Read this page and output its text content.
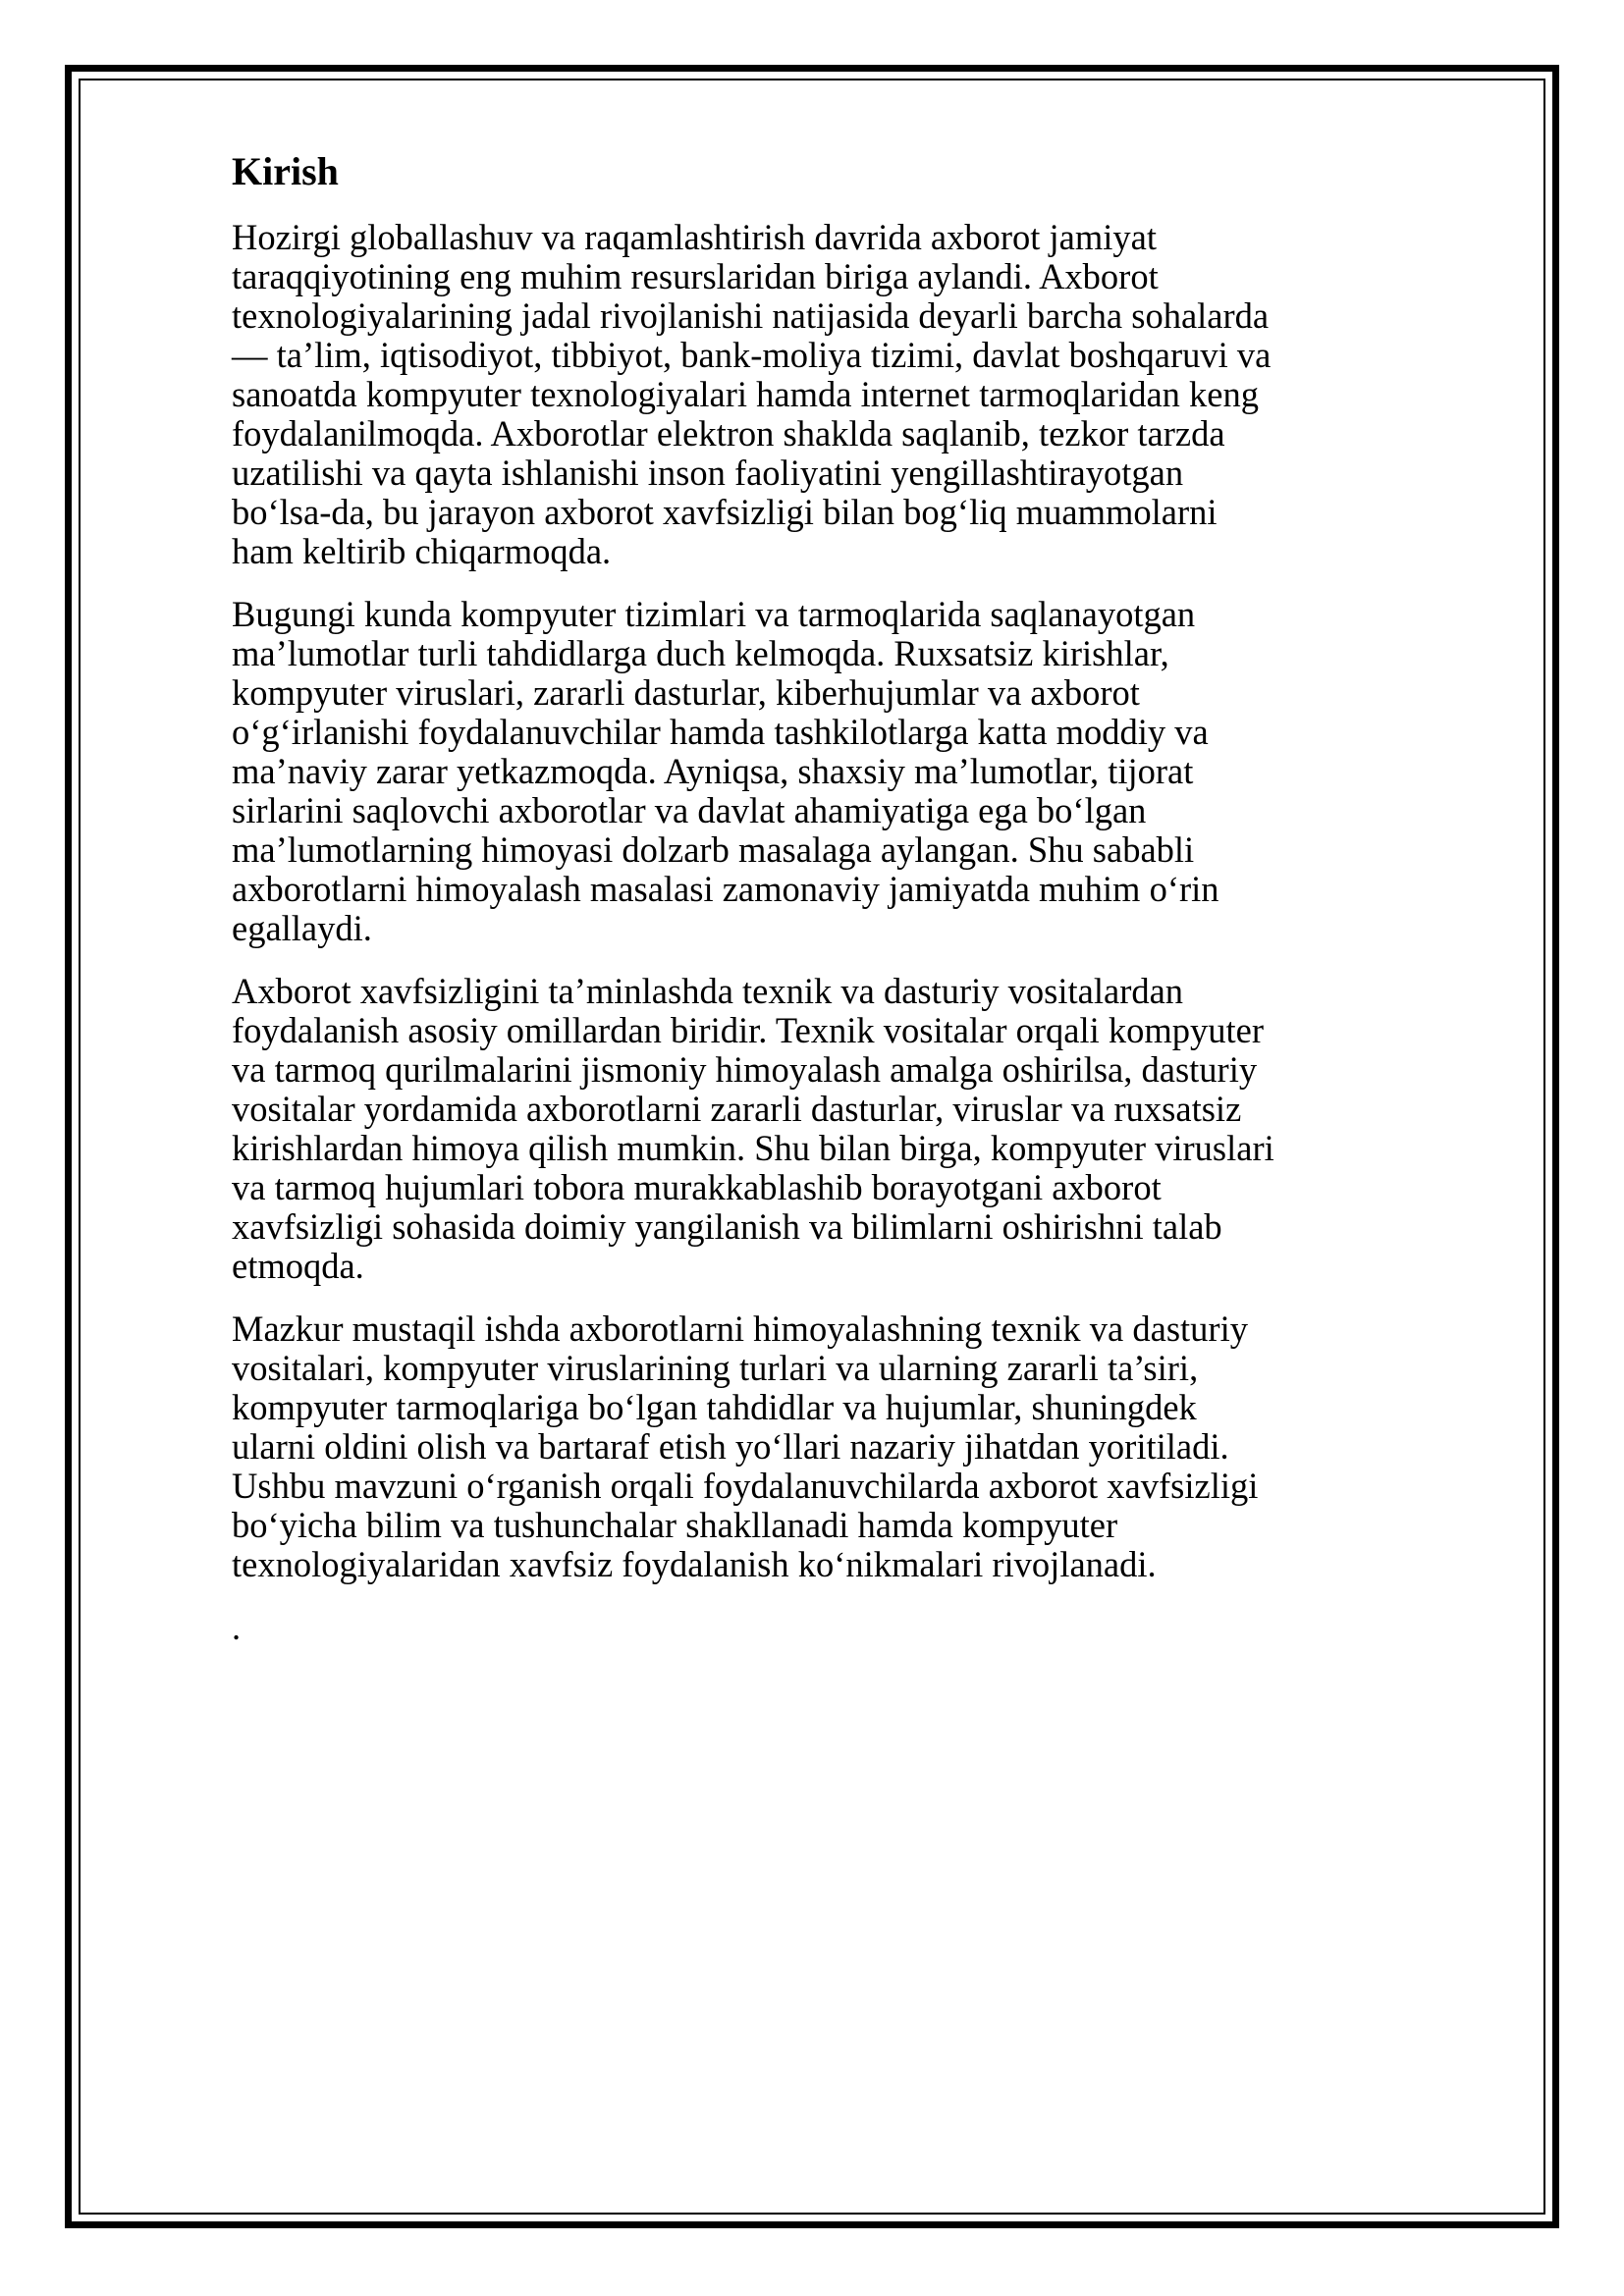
Kirish
Hozirgi globallashuv va raqamlashtirish davrida axborot jamiyat
taraqqiyotining eng muhim resurslaridan biriga aylandi. Axborot
texnologiyalarining jadal rivojlanishi natijasida deyarli barcha sohalarda
— ta’lim, iqtisodiyot, tibbiyot, bank-moliya tizimi, davlat boshqaruvi va
sanoatda kompyuter texnologiyalari hamda internet tarmoqlaridan keng
foydalanilmoqda. Axborotlar elektron shaklda saqlanib, tezkor tarzda
uzatilishi va qayta ishlanishi inson faoliyatini yengillashtirayotgan
bo‘lsa-da, bu jarayon axborot xavfsizligi bilan bog‘liq muammolarni
ham keltirib chiqarmoqda.
Bugungi kunda kompyuter tizimlari va tarmoqlarida saqlanayotgan
ma’lumotlar turli tahdidlarga duch kelmoqda. Ruxsatsiz kirishlar,
kompyuter viruslari, zararli dasturlar, kiberhujumlar va axborot
o‘g‘irlanishi foydalanuvchilar hamda tashkilotlarga katta moddiy va
ma’naviy zarar yetkazmoqda. Ayniqsa, shaxsiy ma’lumotlar, tijorat
sirlarini saqlovchi axborotlar va davlat ahamiyatiga ega bo‘lgan
ma’lumotlarning himoyasi dolzarb masalaga aylangan. Shu sababli
axborotlarni himoyalash masalasi zamonaviy jamiyatda muhim o‘rin
egallaydi.
Axborot xavfsizligini ta’minlashda texnik va dasturiy vositalardan
foydalanish asosiy omillardan biridir. Texnik vositalar orqali kompyuter
va tarmoq qurilmalarini jismoniy himoyalash amalga oshirilsa, dasturiy
vositalar yordamida axborotlarni zararli dasturlar, viruslar va ruxsatsiz
kirishlardan himoya qilish mumkin. Shu bilan birga, kompyuter viruslari
va tarmoq hujumlari tobora murakkablashib borayotgani axborot
xavfsizligi sohasida doimiy yangilanish va bilimlarni oshirishni talab
etmoqda.
Mazkur mustaqil ishda axborotlarni himoyalashning texnik va dasturiy
vositalari, kompyuter viruslarining turlari va ularning zararli ta’siri,
kompyuter tarmoqlariga bo‘lgan tahdidlar va hujumlar, shuningdek
ularni oldini olish va bartaraf etish yo‘llari nazariy jihatdan yoritiladi.
Ushbu mavzuni o‘rganish orqali foydalanuvchilarda axborot xavfsizligi
bo‘yicha bilim va tushunchalar shakllanadi hamda kompyuter
texnologiyalaridan xavfsiz foydalanish ko‘nikmalari rivojlanadi.
.
